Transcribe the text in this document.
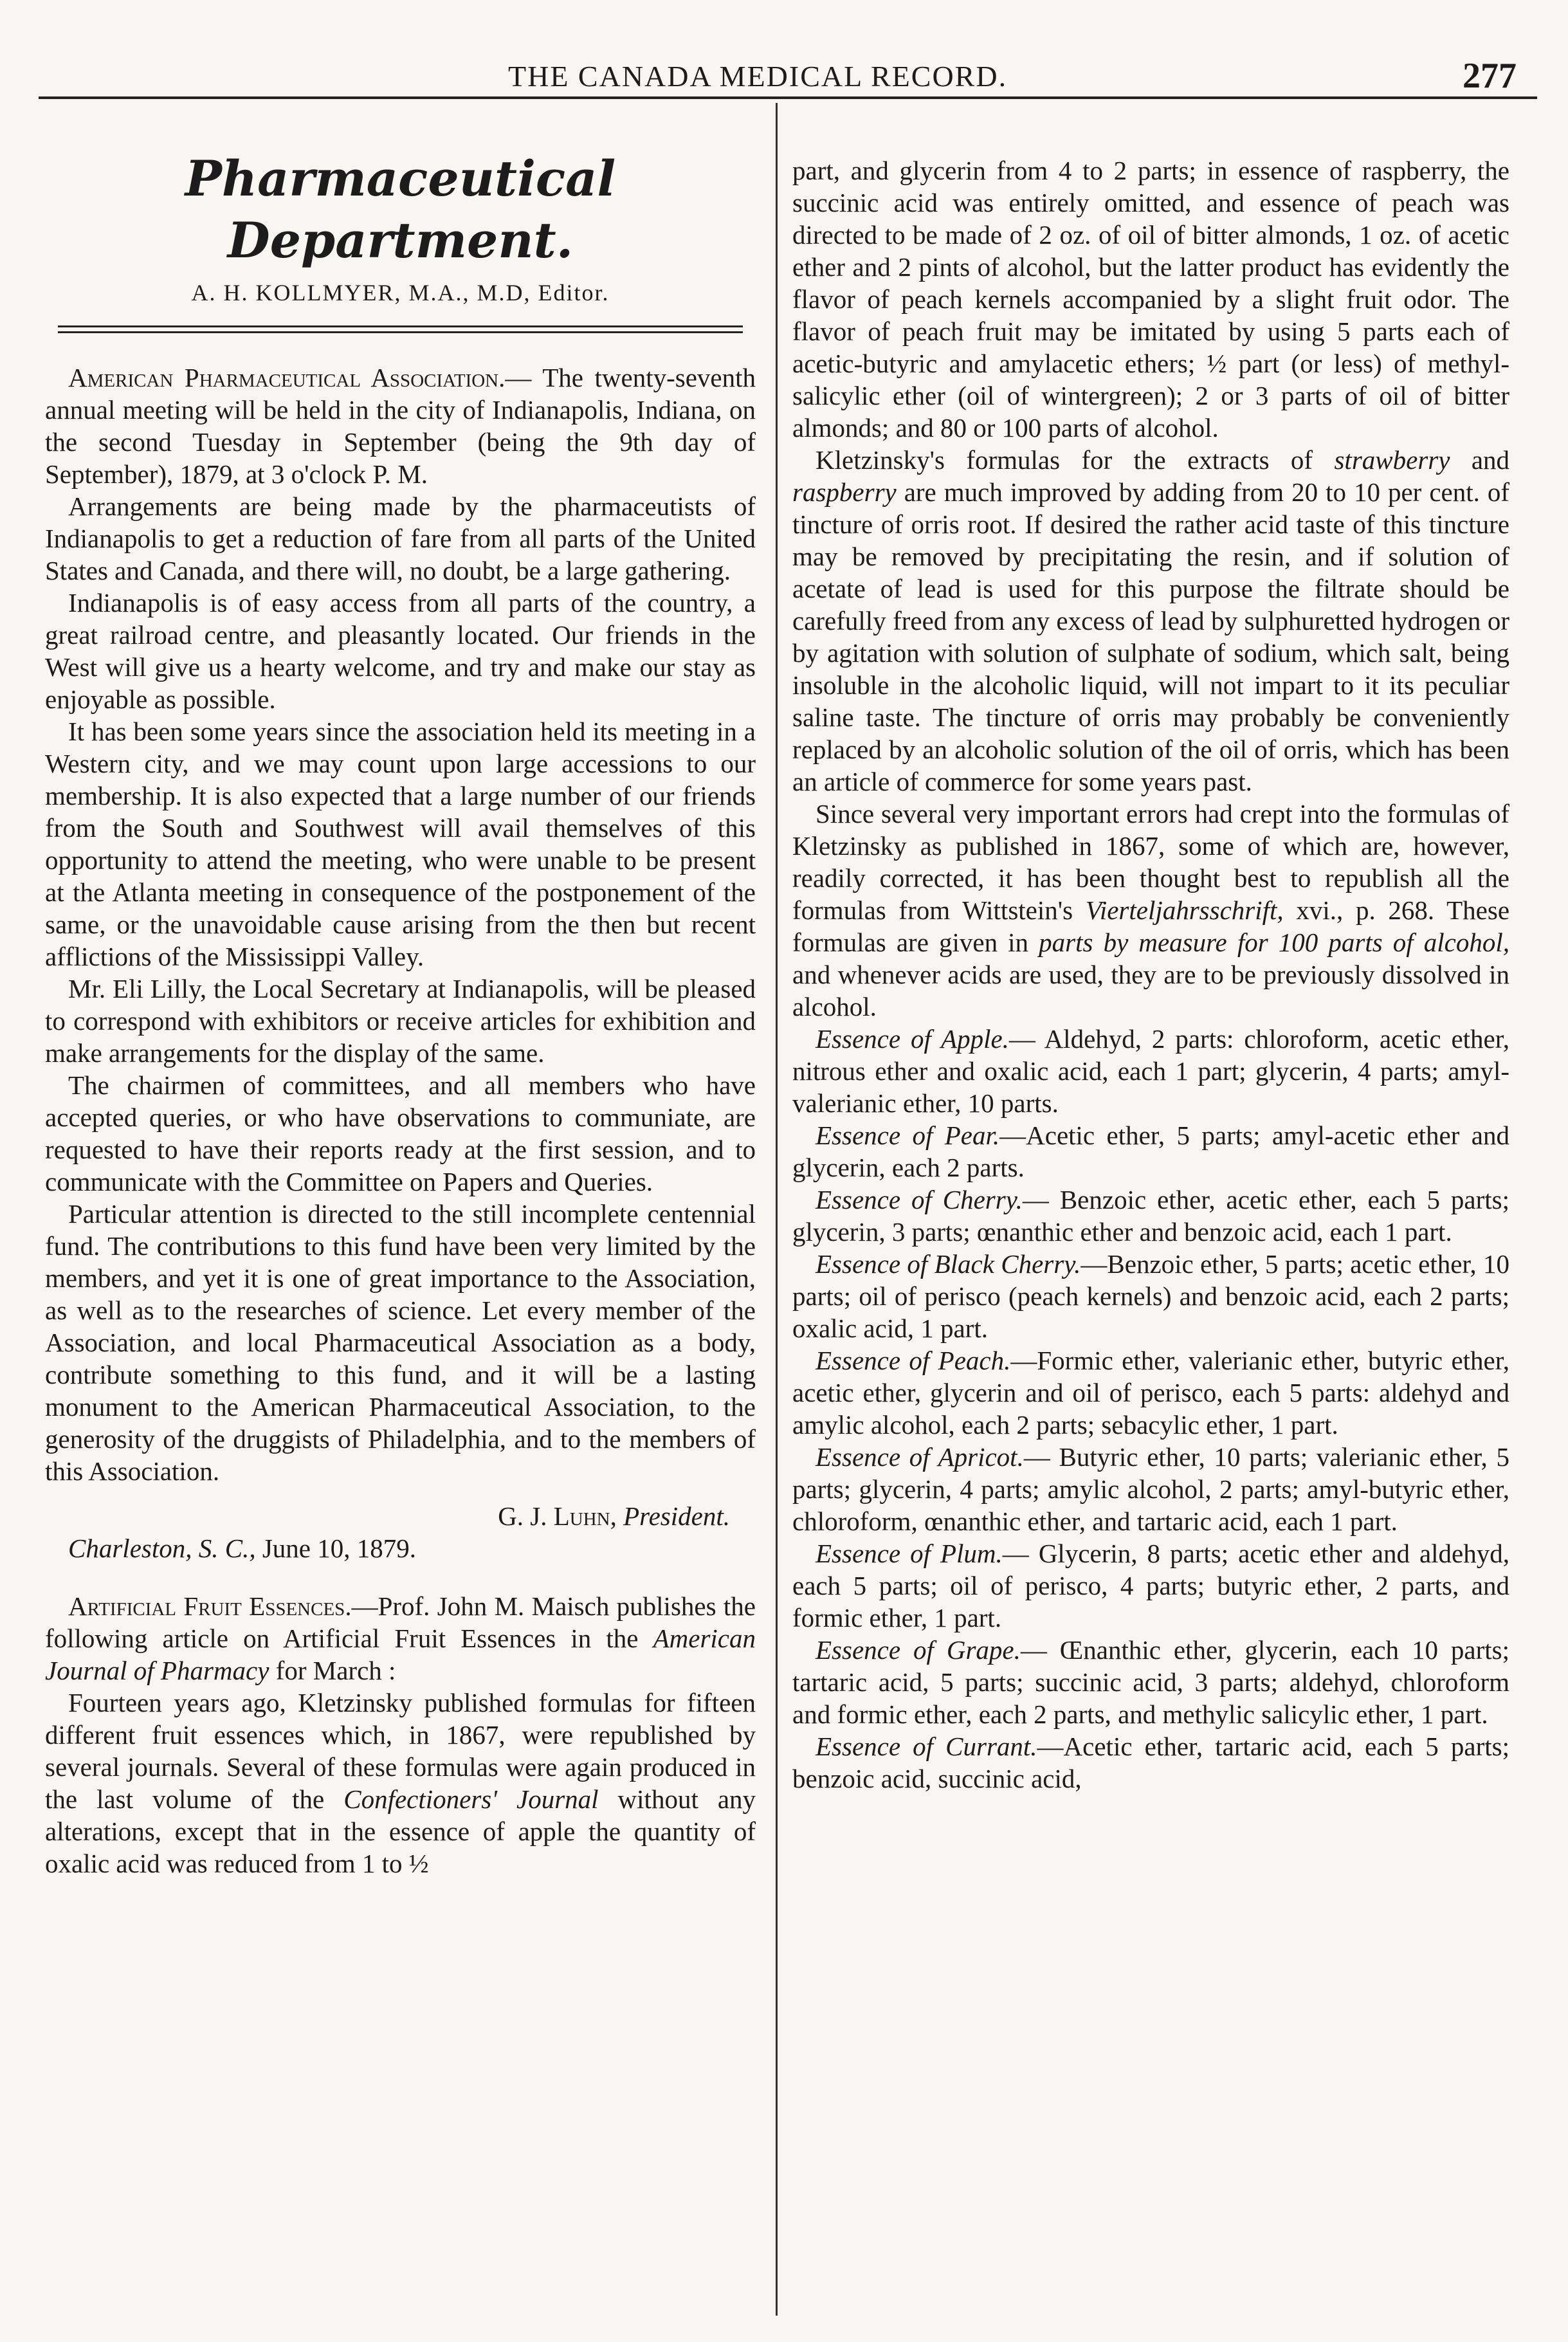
THE CANADA MEDICAL RECORD.	277
Pharmaceutical Department.
A. H. KOLLMYER, M.A., M.D, Editor.

American Pharmaceutical Association.— The twenty-seventh annual meeting will be held in the city of Indianapolis, Indiana, on the second Tuesday in September (being the 9th day of September), 1879, at 3 o'clock P. M.

Arrangements are being made by the pharmaceutists of Indianapolis to get a reduction of fare from all parts of the United States and Canada, and there will, no doubt, be a large gathering.

Indianapolis is of easy access from all parts of the country, a great railroad centre, and pleasantly located. Our friends in the West will give us a hearty welcome, and try and make our stay as enjoyable as possible.

It has been some years since the association held its meeting in a Western city, and we may count upon large accessions to our membership. It is also expected that a large number of our friends from the South and Southwest will avail themselves of this opportunity to attend the meeting, who were unable to be present at the Atlanta meeting in consequence of the postponement of the same, or the unavoidable cause arising from the then but recent afflictions of the Mississippi Valley.

Mr. Eli Lilly, the Local Secretary at Indianapolis, will be pleased to correspond with exhibitors or receive articles for exhibition and make arrangements for the display of the same.

The chairmen of committees, and all members who have accepted queries, or who have observations to communiate, are requested to have their reports ready at the first session, and to communicate with the Committee on Papers and Queries.

Particular attention is directed to the still incomplete centennial fund. The contributions to this fund have been very limited by the members, and yet it is one of great importance to the Association, as well as to the researches of science. Let every member of the Association, and local Pharmaceutical Association as a body, contribute something to this fund, and it will be a lasting monument to the American Pharmaceutical Association, to the generosity of the druggists of Philadelphia, and to the members of this Association.

G. J. Luhn, President.

Charleston, S. C., June 10, 1879.

Artificial Fruit Essences.—Prof. John M. Maisch publishes the following article on Artificial Fruit Essences in the American Journal of Pharmacy for March :

Fourteen years ago, Kletzinsky published formulas for fifteen different fruit essences which, in 1867, were republished by several journals. Several of these formulas were again produced in the last volume of the Confectioners' Journal without any alterations, except that in the essence of apple the quantity of oxalic acid was reduced from 1 to ½

part, and glycerin from 4 to 2 parts; in essence of raspberry, the succinic acid was entirely omitted, and essence of peach was directed to be made of 2 oz. of oil of bitter almonds, 1 oz. of acetic ether and 2 pints of alcohol, but the latter product has evidently the flavor of peach kernels accompanied by a slight fruit odor. The flavor of peach fruit may be imitated by using 5 parts each of acetic-butyric and amylacetic ethers; ½ part (or less) of methyl-salicylic ether (oil of wintergreen); 2 or 3 parts of oil of bitter almonds; and 80 or 100 parts of alcohol.

Kletzinsky's formulas for the extracts of strawberry and raspberry are much improved by adding from 20 to 10 per cent. of tincture of orris root. If desired the rather acid taste of this tincture may be removed by precipitating the resin, and if solution of acetate of lead is used for this purpose the filtrate should be carefully freed from any excess of lead by sulphuretted hydrogen or by agitation with solution of sulphate of sodium, which salt, being insoluble in the alcoholic liquid, will not impart to it its peculiar saline taste. The tincture of orris may probably be conveniently replaced by an alcoholic solution of the oil of orris, which has been an article of commerce for some years past.

Since several very important errors had crept into the formulas of Kletzinsky as published in 1867, some of which are, however, readily corrected, it has been thought best to republish all the formulas from Wittstein's Vierteljahrsschrift, xvi., p. 268. These formulas are given in parts by measure for 100 parts of alcohol, and whenever acids are used, they are to be previously dissolved in alcohol.

Essence of Apple.— Aldehyd, 2 parts: chloroform, acetic ether, nitrous ether and oxalic acid, each 1 part; glycerin, 4 parts; amyl-valerianic ether, 10 parts.

Essence of Pear.—Acetic ether, 5 parts; amyl-acetic ether and glycerin, each 2 parts.

Essence of Cherry.— Benzoic ether, acetic ether, each 5 parts; glycerin, 3 parts; œnanthic ether and benzoic acid, each 1 part.

Essence of Black Cherry.—Benzoic ether, 5 parts; acetic ether, 10 parts; oil of perisco (peach kernels) and benzoic acid, each 2 parts; oxalic acid, 1 part.

Essence of Peach.—Formic ether, valerianic ether, butyric ether, acetic ether, glycerin and oil of perisco, each 5 parts: aldehyd and amylic alcohol, each 2 parts; sebacylic ether, 1 part.

Essence of Apricot.— Butyric ether, 10 parts; valerianic ether, 5 parts; glycerin, 4 parts; amylic alcohol, 2 parts; amyl-butyric ether, chloroform, œnanthic ether, and tartaric acid, each 1 part.

Essence of Plum.— Glycerin, 8 parts; acetic ether and aldehyd, each 5 parts; oil of perisco, 4 parts; butyric ether, 2 parts, and formic ether, 1 part.

Essence of Grape.— Œnanthic ether, glycerin, each 10 parts; tartaric acid, 5 parts; succinic acid, 3 parts; aldehyd, chloroform and formic ether, each 2 parts, and methylic salicylic ether, 1 part.

Essence of Currant.—Acetic ether, tartaric acid, each 5 parts; benzoic acid, succinic acid,
